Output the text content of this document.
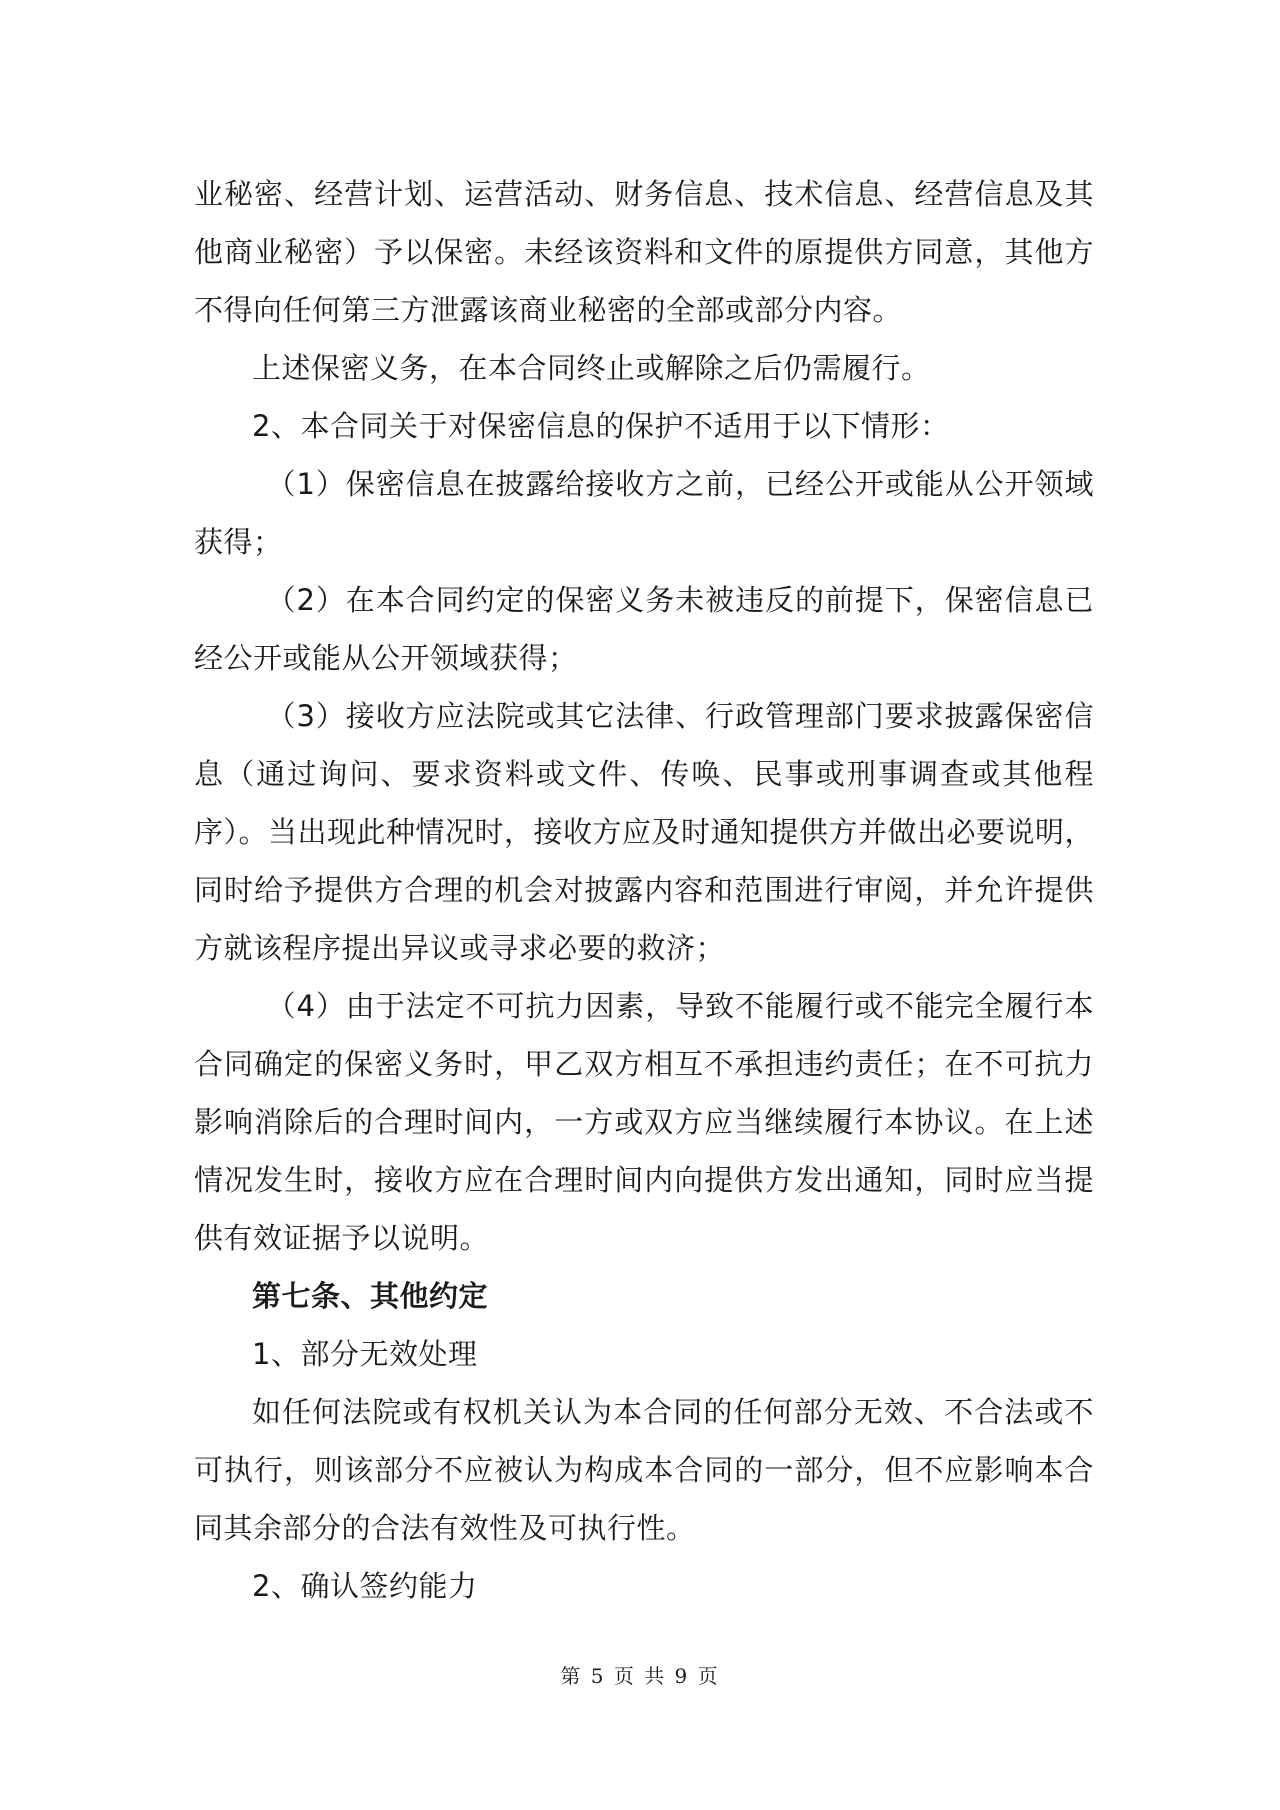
业秘密、经营计划、运营活动、财务信息、技术信息、经营信息及其他商业秘密）予以保密。未经该资料和文件的原提供方同意，其他方不得向任何第三方泄露该商业秘密的全部或部分内容。

上述保密义务，在本合同终止或解除之后仍需履行。

2、本合同关于对保密信息的保护不适用于以下情形：

（1）保密信息在披露给接收方之前，已经公开或能从公开领域获得；

（2）在本合同约定的保密义务未被违反的前提下，保密信息已经公开或能从公开领域获得；

（3）接收方应法院或其它法律、行政管理部门要求披露保密信息（通过询问、要求资料或文件、传唤、民事或刑事调查或其他程序）。当出现此种情况时，接收方应及时通知提供方并做出必要说明，同时给予提供方合理的机会对披露内容和范围进行审阅，并允许提供方就该程序提出异议或寻求必要的救济；

（4）由于法定不可抗力因素，导致不能履行或不能完全履行本合同确定的保密义务时，甲乙双方相互不承担违约责任；在不可抗力影响消除后的合理时间内，一方或双方应当继续履行本协议。在上述情况发生时，接收方应在合理时间内向提供方发出通知，同时应当提供有效证据予以说明。

第七条、其他约定

1、部分无效处理

如任何法院或有权机关认为本合同的任何部分无效、不合法或不可执行，则该部分不应被认为构成本合同的一部分，但不应影响本合同其余部分的合法有效性及可执行性。

2、确认签约能力

第 5 页 共 9 页
